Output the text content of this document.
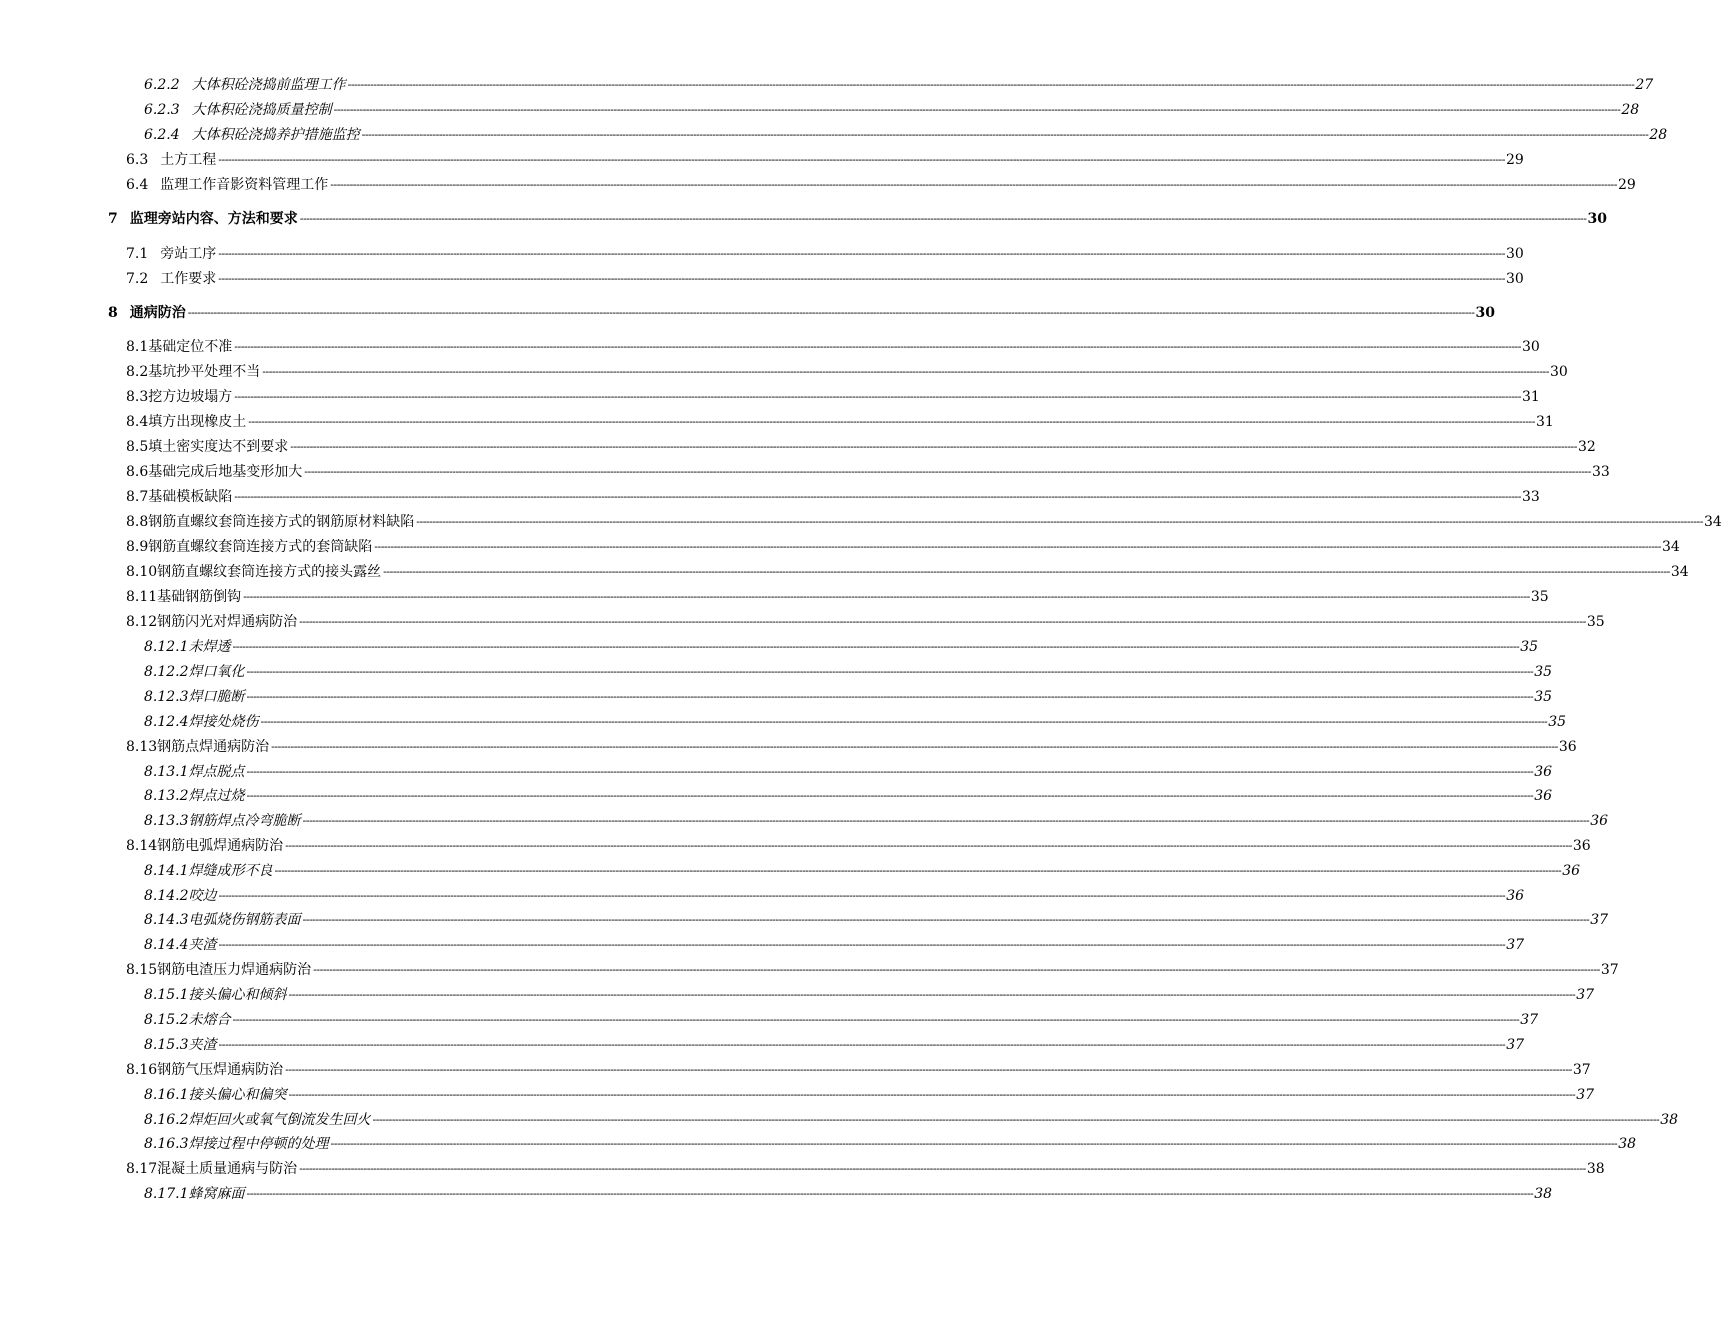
6.2.2 大体积砼浇捣前监理工作 ---------------------------------------------------------------------------------------------------------------------------------------------------------------------------------------------------------------------------------------------------------------------------------------------------------------------------------------------------------------------------------------------------------------- 27
6.2.3 大体积砼浇捣质量控制 ---------------------------------------------------------------------------------------------------------------------------------------------------------------------------------------------------------------------------------------------------------------------------------------------------------------------------------------------------------------------------------------------------------------- 28
6.2.4 大体积砼浇捣养护措施监控 ---------------------------------------------------------------------------------------------------------------------------------------------------------------------------------------------------------------------------------------------------------------------------------------------------------------------------------------------------------------------------------------------------------------- 28
6.3 土方工程 ---------------------------------------------------------------------------------------------------------------------------------------------------------------------------------------------------------------------------------------------------------------------------------------------------------------------------------------------------------------------------------------------------------------- 29
6.4 监理工作音影资料管理工作 ---------------------------------------------------------------------------------------------------------------------------------------------------------------------------------------------------------------------------------------------------------------------------------------------------------------------------------------------------------------------------------------------------------------- 29
7 监理旁站内容、方法和要求 ---------------------------------------------------------------------------------------------------------------------------------------------------------------------------------------------------------------------------------------------------------------------------------------------------------------------------------------------------------------------------------------------------------------- 30
7.1 旁站工序 ---------------------------------------------------------------------------------------------------------------------------------------------------------------------------------------------------------------------------------------------------------------------------------------------------------------------------------------------------------------------------------------------------------------- 30
7.2 工作要求 ---------------------------------------------------------------------------------------------------------------------------------------------------------------------------------------------------------------------------------------------------------------------------------------------------------------------------------------------------------------------------------------------------------------- 30
8 通病防治 ---------------------------------------------------------------------------------------------------------------------------------------------------------------------------------------------------------------------------------------------------------------------------------------------------------------------------------------------------------------------------------------------------------------- 30
8.1基础定位不准 ---------------------------------------------------------------------------------------------------------------------------------------------------------------------------------------------------------------------------------------------------------------------------------------------------------------------------------------------------------------------------------------------------------------- 30
8.2基坑抄平处理不当 ---------------------------------------------------------------------------------------------------------------------------------------------------------------------------------------------------------------------------------------------------------------------------------------------------------------------------------------------------------------------------------------------------------------- 30
8.3挖方边坡塌方 ---------------------------------------------------------------------------------------------------------------------------------------------------------------------------------------------------------------------------------------------------------------------------------------------------------------------------------------------------------------------------------------------------------------- 31
8.4填方出现橡皮土 ---------------------------------------------------------------------------------------------------------------------------------------------------------------------------------------------------------------------------------------------------------------------------------------------------------------------------------------------------------------------------------------------------------------- 31
8.5填土密实度达不到要求 ---------------------------------------------------------------------------------------------------------------------------------------------------------------------------------------------------------------------------------------------------------------------------------------------------------------------------------------------------------------------------------------------------------------- 32
8.6基础完成后地基变形加大 ---------------------------------------------------------------------------------------------------------------------------------------------------------------------------------------------------------------------------------------------------------------------------------------------------------------------------------------------------------------------------------------------------------------- 33
8.7基础模板缺陷 ---------------------------------------------------------------------------------------------------------------------------------------------------------------------------------------------------------------------------------------------------------------------------------------------------------------------------------------------------------------------------------------------------------------- 33
8.8钢筋直螺纹套筒连接方式的钢筋原材料缺陷 ---------------------------------------------------------------------------------------------------------------------------------------------------------------------------------------------------------------------------------------------------------------------------------------------------------------------------------------------------------------------------------------------------------------- 34
8.9钢筋直螺纹套筒连接方式的套筒缺陷 ---------------------------------------------------------------------------------------------------------------------------------------------------------------------------------------------------------------------------------------------------------------------------------------------------------------------------------------------------------------------------------------------------------------- 34
8.10钢筋直螺纹套筒连接方式的接头露丝 ---------------------------------------------------------------------------------------------------------------------------------------------------------------------------------------------------------------------------------------------------------------------------------------------------------------------------------------------------------------------------------------------------------------- 34
8.11基础钢筋倒钩 ---------------------------------------------------------------------------------------------------------------------------------------------------------------------------------------------------------------------------------------------------------------------------------------------------------------------------------------------------------------------------------------------------------------- 35
8.12钢筋闪光对焊通病防治 ---------------------------------------------------------------------------------------------------------------------------------------------------------------------------------------------------------------------------------------------------------------------------------------------------------------------------------------------------------------------------------------------------------------- 35
8.12.1未焊透 ---------------------------------------------------------------------------------------------------------------------------------------------------------------------------------------------------------------------------------------------------------------------------------------------------------------------------------------------------------------------------------------------------------------- 35
8.12.2焊口氧化 ---------------------------------------------------------------------------------------------------------------------------------------------------------------------------------------------------------------------------------------------------------------------------------------------------------------------------------------------------------------------------------------------------------------- 35
8.12.3焊口脆断 ---------------------------------------------------------------------------------------------------------------------------------------------------------------------------------------------------------------------------------------------------------------------------------------------------------------------------------------------------------------------------------------------------------------- 35
8.12.4焊接处烧伤 ---------------------------------------------------------------------------------------------------------------------------------------------------------------------------------------------------------------------------------------------------------------------------------------------------------------------------------------------------------------------------------------------------------------- 35
8.13钢筋点焊通病防治 ---------------------------------------------------------------------------------------------------------------------------------------------------------------------------------------------------------------------------------------------------------------------------------------------------------------------------------------------------------------------------------------------------------------- 36
8.13.1焊点脱点 ---------------------------------------------------------------------------------------------------------------------------------------------------------------------------------------------------------------------------------------------------------------------------------------------------------------------------------------------------------------------------------------------------------------- 36
8.13.2焊点过烧 ---------------------------------------------------------------------------------------------------------------------------------------------------------------------------------------------------------------------------------------------------------------------------------------------------------------------------------------------------------------------------------------------------------------- 36
8.13.3钢筋焊点冷弯脆断 ---------------------------------------------------------------------------------------------------------------------------------------------------------------------------------------------------------------------------------------------------------------------------------------------------------------------------------------------------------------------------------------------------------------- 36
8.14钢筋电弧焊通病防治 ---------------------------------------------------------------------------------------------------------------------------------------------------------------------------------------------------------------------------------------------------------------------------------------------------------------------------------------------------------------------------------------------------------------- 36
8.14.1焊缝成形不良 ---------------------------------------------------------------------------------------------------------------------------------------------------------------------------------------------------------------------------------------------------------------------------------------------------------------------------------------------------------------------------------------------------------------- 36
8.14.2咬边 ---------------------------------------------------------------------------------------------------------------------------------------------------------------------------------------------------------------------------------------------------------------------------------------------------------------------------------------------------------------------------------------------------------------- 36
8.14.3电弧烧伤钢筋表面 ---------------------------------------------------------------------------------------------------------------------------------------------------------------------------------------------------------------------------------------------------------------------------------------------------------------------------------------------------------------------------------------------------------------- 37
8.14.4夹渣 ---------------------------------------------------------------------------------------------------------------------------------------------------------------------------------------------------------------------------------------------------------------------------------------------------------------------------------------------------------------------------------------------------------------- 37
8.15钢筋电渣压力焊通病防治 ---------------------------------------------------------------------------------------------------------------------------------------------------------------------------------------------------------------------------------------------------------------------------------------------------------------------------------------------------------------------------------------------------------------- 37
8.15.1接头偏心和倾斜 ---------------------------------------------------------------------------------------------------------------------------------------------------------------------------------------------------------------------------------------------------------------------------------------------------------------------------------------------------------------------------------------------------------------- 37
8.15.2未熔合 ---------------------------------------------------------------------------------------------------------------------------------------------------------------------------------------------------------------------------------------------------------------------------------------------------------------------------------------------------------------------------------------------------------------- 37
8.15.3夹渣 ---------------------------------------------------------------------------------------------------------------------------------------------------------------------------------------------------------------------------------------------------------------------------------------------------------------------------------------------------------------------------------------------------------------- 37
8.16钢筋气压焊通病防治 ---------------------------------------------------------------------------------------------------------------------------------------------------------------------------------------------------------------------------------------------------------------------------------------------------------------------------------------------------------------------------------------------------------------- 37
8.16.1接头偏心和偏突 ---------------------------------------------------------------------------------------------------------------------------------------------------------------------------------------------------------------------------------------------------------------------------------------------------------------------------------------------------------------------------------------------------------------- 37
8.16.2焊炬回火或氧气倒流发生回火 ---------------------------------------------------------------------------------------------------------------------------------------------------------------------------------------------------------------------------------------------------------------------------------------------------------------------------------------------------------------------------------------------------------------- 38
8.16.3焊接过程中停顿的处理 ---------------------------------------------------------------------------------------------------------------------------------------------------------------------------------------------------------------------------------------------------------------------------------------------------------------------------------------------------------------------------------------------------------------- 38
8.17混凝土质量通病与防治 ---------------------------------------------------------------------------------------------------------------------------------------------------------------------------------------------------------------------------------------------------------------------------------------------------------------------------------------------------------------------------------------------------------------- 38
8.17.1蜂窝麻面 ---------------------------------------------------------------------------------------------------------------------------------------------------------------------------------------------------------------------------------------------------------------------------------------------------------------------------------------------------------------------------------------------------------------- 38
